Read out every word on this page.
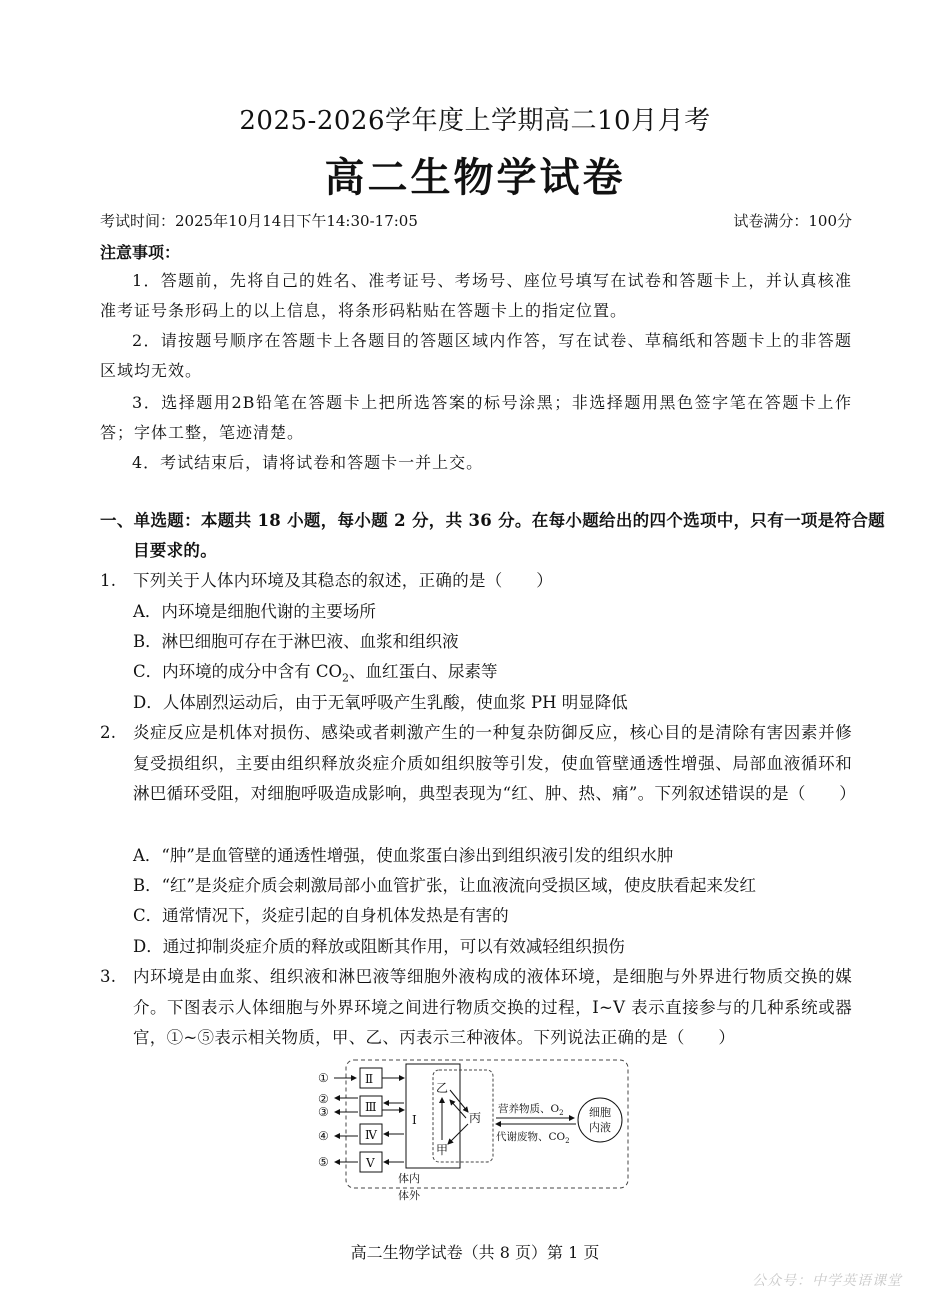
2025-2026学年度上学期高二10月月考
高二生物学试卷
考试时间：2025年10月14日下午14:30-17:05	试卷满分：100分
注意事项：
1．答题前，先将自己的姓名、准考证号、考场号、座位号填写在试卷和答题卡上，并认真核准准考证号条形码上的以上信息，将条形码粘贴在答题卡上的指定位置。
2．请按题号顺序在答题卡上各题目的答题区域内作答，写在试卷、草稿纸和答题卡上的非答题区域均无效。
3．选择题用2B铅笔在答题卡上把所选答案的标号涂黑；非选择题用黑色签字笔在答题卡上作答；字体工整，笔迹清楚。
4．考试结束后，请将试卷和答题卡一并上交。
一、单选题：本题共 18 小题，每小题 2 分，共 36 分。在每小题给出的四个选项中，只有一项是符合题目要求的。
1. 下列关于人体内环境及其稳态的叙述，正确的是（　　）
A．内环境是细胞代谢的主要场所
B．淋巴细胞可存在于淋巴液、血浆和组织液
C．内环境的成分中含有 $CO_2$、血红蛋白、尿素等
D．人体剧烈运动后，由于无氧呼吸产生乳酸，使血浆 PH 明显降低
2. 炎症反应是机体对损伤、感染或者刺激产生的一种复杂防御反应，核心目的是清除有害因素并修复受损组织，主要由组织释放炎症介质如组织胺等引发，使血管壁通透性增强、局部血液循环和淋巴循环受阻，对细胞呼吸造成影响，典型表现为“红、肿、热、痛”。下列叙述错误的是（　　）
A．“肿”是血管壁的通透性增强，使血浆蛋白渗出到组织液引发的组织水肿
B．“红”是炎症介质会刺激局部小血管扩张，让血液流向受损区域，使皮肤看起来发红
C．通常情况下，炎症引起的自身机体发热是有害的
D．通过抑制炎症介质的释放或阻断其作用，可以有效减轻组织损伤
3. 内环境是由血浆、组织液和淋巴液等细胞外液构成的液体环境，是细胞与外界进行物质交换的媒介。下图表示人体细胞与外界环境之间进行物质交换的过程，I~V 表示直接参与的几种系统或器官，①~⑤表示相关物质，甲、乙、丙表示三种液体。下列说法正确的是（　　）
①
②
③
④
⑤
Ⅱ
Ⅲ
Ⅳ
Ⅴ
I
乙
丙
甲
营养物质、$O_2$
代谢废物、$CO_2$
细胞
内液
体内
体外
高二生物学试卷（共 8 页）第 1 页
公众号：中学英语课堂
